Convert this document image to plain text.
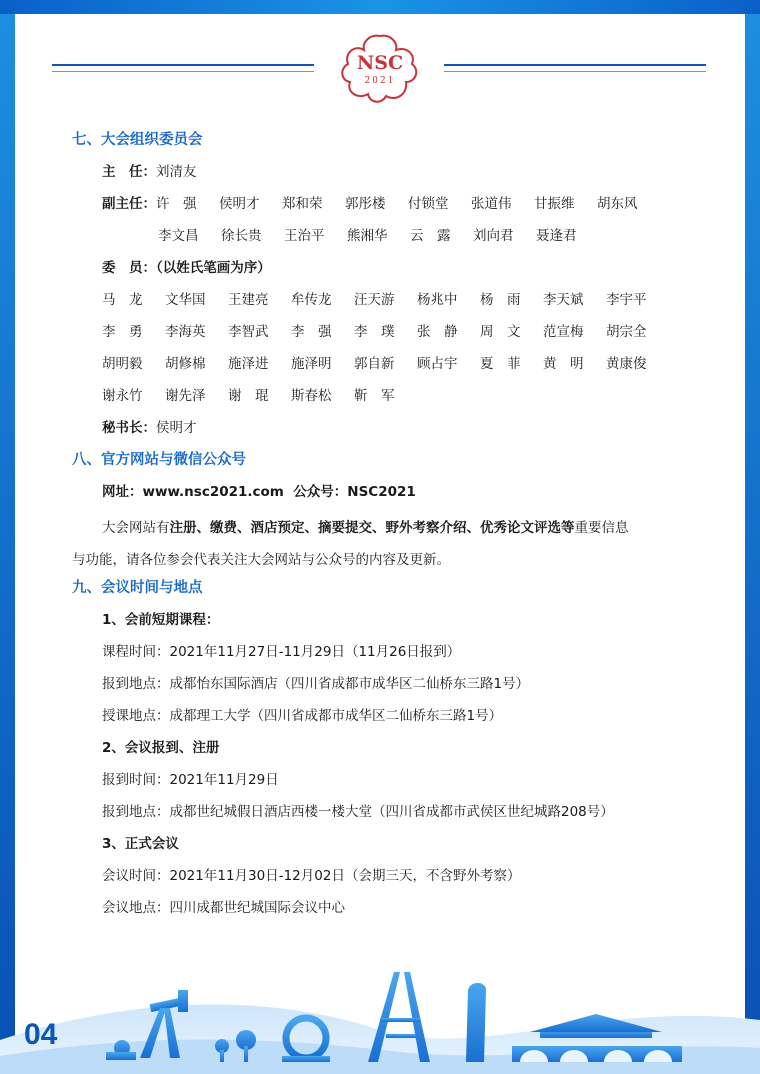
NSC
2021
七、大会组织委员会
主　任：刘清友
副主任： 许　强	侯明才	郑和荣	郭彤楼	付锁堂	张道伟	甘振维	胡东风
李文昌	徐长贵	王治平	熊湘华	云　露	刘向君	聂逢君
委　员：（以姓氏笔画为序）
马　龙	文华国	王建亮	牟传龙	汪天游	杨兆中	杨　雨	李天斌	李宇平
李　勇	李海英	李智武	李　强	李　璞	张　静	周　文	范宣梅	胡宗全
胡明毅	胡修棉	施泽进	施泽明	郭自新	顾占宇	夏　菲	黄　明	黄康俊
谢永竹	谢先泽	谢　琨	斯春松	靳　军
秘书长：侯明才
八、官方网站与微信公众号
网址：www.nsc2021.com  公众号：NSC2021
大会网站有注册、缴费、酒店预定、摘要提交、野外考察介绍、优秀论文评选等重要信息
与功能，请各位参会代表关注大会网站与公众号的内容及更新。
九、会议时间与地点
1、会前短期课程：
课程时间：2021年11月27日-11月29日（11月26日报到）
报到地点：成都怡东国际酒店（四川省成都市成华区二仙桥东三路1号）
授课地点：成都理工大学（四川省成都市成华区二仙桥东三路1号）
2、会议报到、注册
报到时间：2021年11月29日
报到地点：成都世纪城假日酒店西楼一楼大堂（四川省成都市武侯区世纪城路208号）
3、正式会议
会议时间：2021年11月30日-12月02日（会期三天，不含野外考察）
会议地点：四川成都世纪城国际会议中心
04
